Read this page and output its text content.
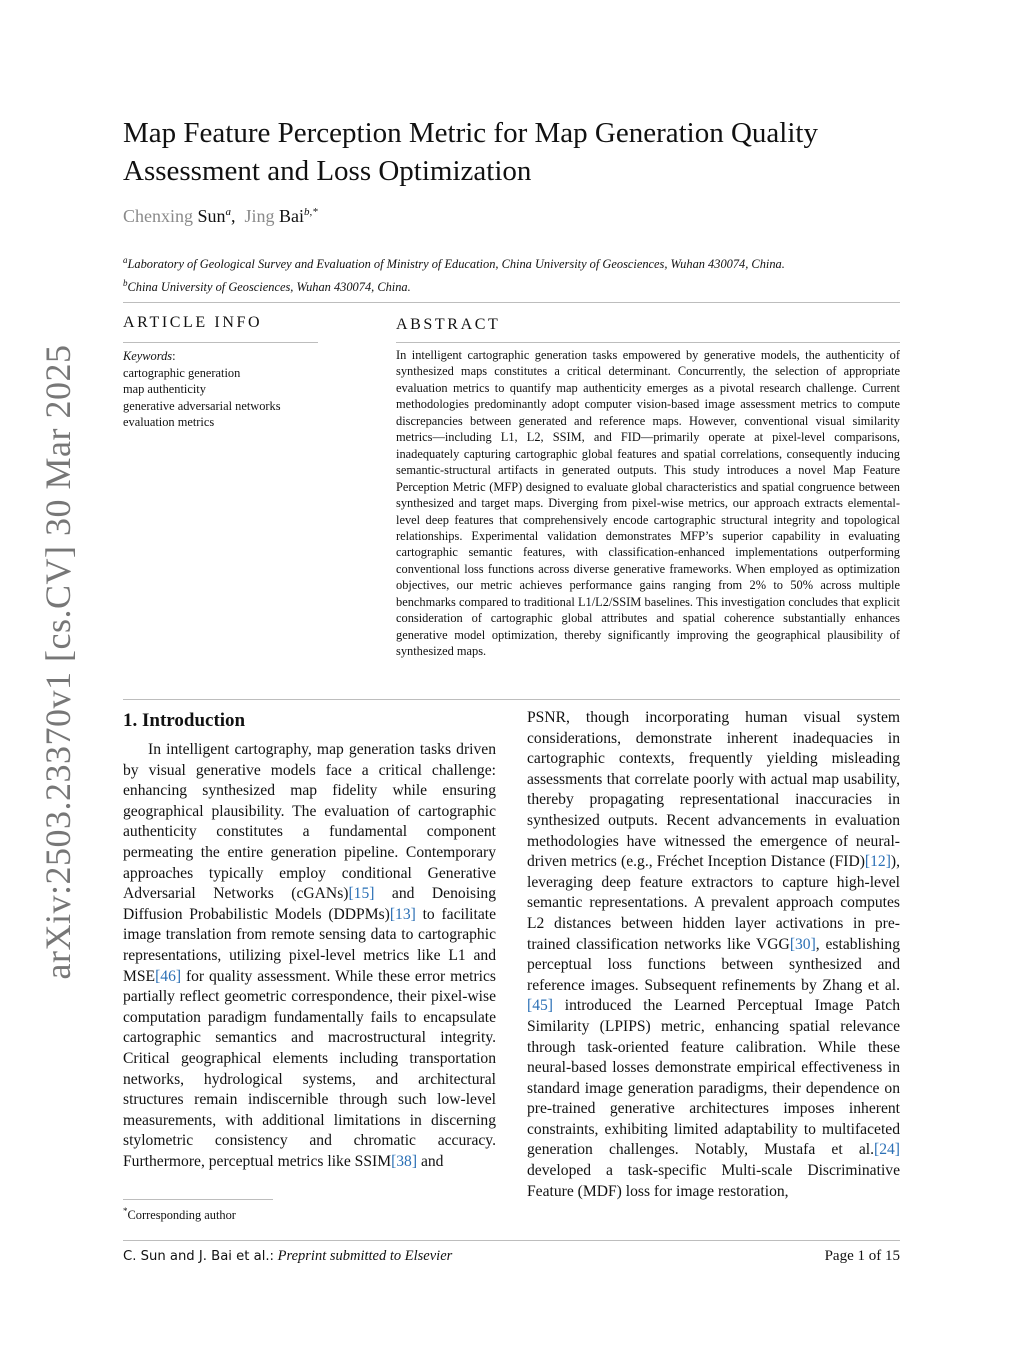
arXiv:2503.23370v1 [cs.CV] 30 Mar 2025
Map Feature Perception Metric for Map Generation Quality Assessment and Loss Optimization
Chenxing Sun$^a$,  Jing Bai$^{b,*}$
$^a$Laboratory of Geological Survey and Evaluation of Ministry of Education, China University of Geosciences, Wuhan 430074, China.
$^b$China University of Geosciences, Wuhan 430074, China.
ARTICLE INFO
Keywords:
cartographic generation
map authenticity
generative adversarial networks
evaluation metrics
ABSTRACT

In intelligent cartographic generation tasks empowered by generative models, the authenticity of synthesized maps constitutes a critical determinant. Concurrently, the selection of appropriate evaluation metrics to quantify map authenticity emerges as a pivotal research challenge. Current methodologies predominantly adopt computer vision-based image assessment metrics to compute discrepancies between generated and reference maps. However, conventional visual similarity metrics—including L1, L2, SSIM, and FID—primarily operate at pixel-level comparisons, inadequately capturing cartographic global features and spatial correlations, consequently inducing semantic-structural artifacts in generated outputs. This study introduces a novel Map Feature Perception Metric (MFP) designed to evaluate global characteristics and spatial congruence between synthesized and target maps. Diverging from pixel-wise metrics, our approach extracts elemental-level deep features that comprehensively encode cartographic structural integrity and topological relationships. Experimental validation demonstrates MFP’s superior capability in evaluating cartographic semantic features, with classification-enhanced implementations outperforming conventional loss functions across diverse generative frameworks. When employed as optimization objectives, our metric achieves performance gains ranging from 2% to 50% across multiple benchmarks compared to traditional L1/L2/SSIM baselines. This investigation concludes that explicit consideration of cartographic global attributes and spatial coherence substantially enhances generative model optimization, thereby significantly improving the geographical plausibility of synthesized maps.

1. Introduction

In intelligent cartography, map generation tasks driven by visual generative models face a critical challenge: enhancing synthesized map fidelity while ensuring geographical plausibility. The evaluation of cartographic authenticity constitutes a fundamental component permeating the entire generation pipeline. Contemporary approaches typically employ conditional Generative Adversarial Networks (cGANs)[15] and Denoising Diffusion Probabilistic Models (DDPMs)[13] to facilitate image translation from remote sensing data to cartographic representations, utilizing pixel-level metrics like L1 and MSE[46] for quality assessment. While these error metrics partially reflect geometric correspondence, their pixel-wise computation paradigm fundamentally fails to encapsulate cartographic semantics and macrostructural integrity. Critical geographical elements including transportation networks, hydrological systems, and architectural structures remain indiscernible through such low-level measurements, with additional limitations in discerning stylometric consistency and chromatic accuracy. Furthermore, perceptual metrics like SSIM[38] and

PSNR, though incorporating human visual system considerations, demonstrate inherent inadequacies in cartographic contexts, frequently yielding misleading assessments that correlate poorly with actual map usability, thereby propagating representational inaccuracies in synthesized outputs. Recent advancements in evaluation methodologies have witnessed the emergence of neural-driven metrics (e.g., Fréchet Inception Distance (FID)[12]), leveraging deep feature extractors to capture high-level semantic representations. A prevalent approach computes L2 distances between hidden layer activations in pre-trained classification networks like VGG[30], establishing perceptual loss functions between synthesized and reference images. Subsequent refinements by Zhang et al.[45] introduced the Learned Perceptual Image Patch Similarity (LPIPS) metric, enhancing spatial relevance through task-oriented feature calibration. While these neural-based losses demonstrate empirical effectiveness in standard image generation paradigms, their dependence on pre-trained generative architectures imposes inherent constraints, exhibiting limited adaptability to multifaceted generation challenges. Notably, Mustafa et al.[24] developed a task-specific Multi-scale Discriminative Feature (MDF) loss for image restoration,

*Corresponding author
C. Sun and J. Bai et al.: Preprint submitted to Elsevier	Page 1 of 15
